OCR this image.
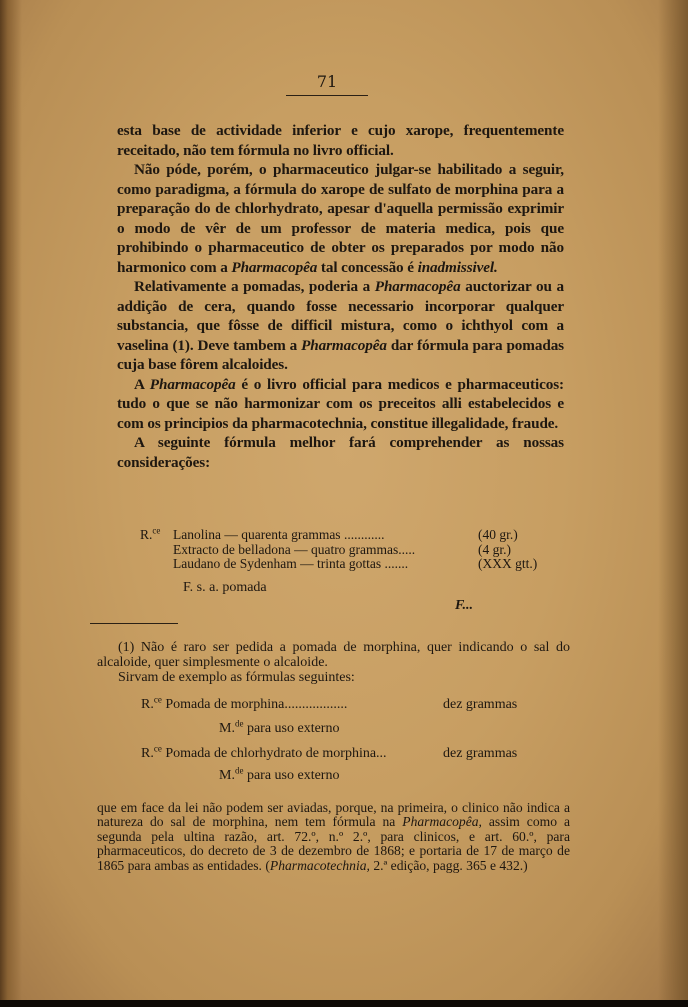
71

esta base de actividade inferior e cujo xarope, frequentemente receitado, não tem fórmula no livro official.

Não póde, porém, o pharmaceutico julgar-se habilitado a seguir, como paradigma, a fórmula do xarope de sulfato de morphina para a preparação do de chlorhydrato, apesar d'aquella permissão exprimir o modo de vêr de um professor de materia medica, pois que prohibindo o pharmaceutico de obter os preparados por modo não harmonico com a Pharmacopêa tal concessão é inadmissivel.

Relativamente a pomadas, poderia a Pharmacopêa auctorizar ou a addição de cera, quando fosse necessario incorporar qualquer substancia, que fôsse de difficil mistura, como o ichthyol com a vaselina (1). Deve tambem a Pharmacopêa dar fórmula para pomadas cuja base fôrem alcaloides.

A Pharmacopêa é o livro official para medicos e pharmaceuticos: tudo o que se não harmonizar com os preceitos alli estabelecidos e com os principios da pharmacotechnia, constitue illegalidade, fraude.

A seguinte fórmula melhor fará comprehender as nossas considerações:

R.$^{ce}$ Lanolina — quarenta grammas ............	(40 gr.)
Extracto de belladona — quatro grammas.....	(4 gr.)
Laudano de Sydenham — trinta gottas .......	(XXX gtt.)
F. s. a. pomada
F...

(1) Não é raro ser pedida a pomada de morphina, quer indicando o sal do alcaloide, quer simplesmente o alcaloide.

Sirvam de exemplo as fórmulas seguintes:

R.$^{ce}$ Pomada de morphina..................	dez grammas
M.$^{de}$ para uso externo
R.$^{ce}$ Pomada de chlorhydrato de morphina...	dez grammas
M.$^{de}$ para uso externo

que em face da lei não podem ser aviadas, porque, na primeira, o clinico não indica a natureza do sal de morphina, nem tem fórmula na Pharmacopêa, assim como a segunda pela ultina razão, art. 72.º, n.º 2.º, para clinicos, e art. 60.º, para pharmaceuticos, do decreto de 3 de dezembro de 1868; e portaria de 17 de março de 1865 para ambas as entidades. (Pharmacotechnia, 2.ª edição, pagg. 365 e 432.)
